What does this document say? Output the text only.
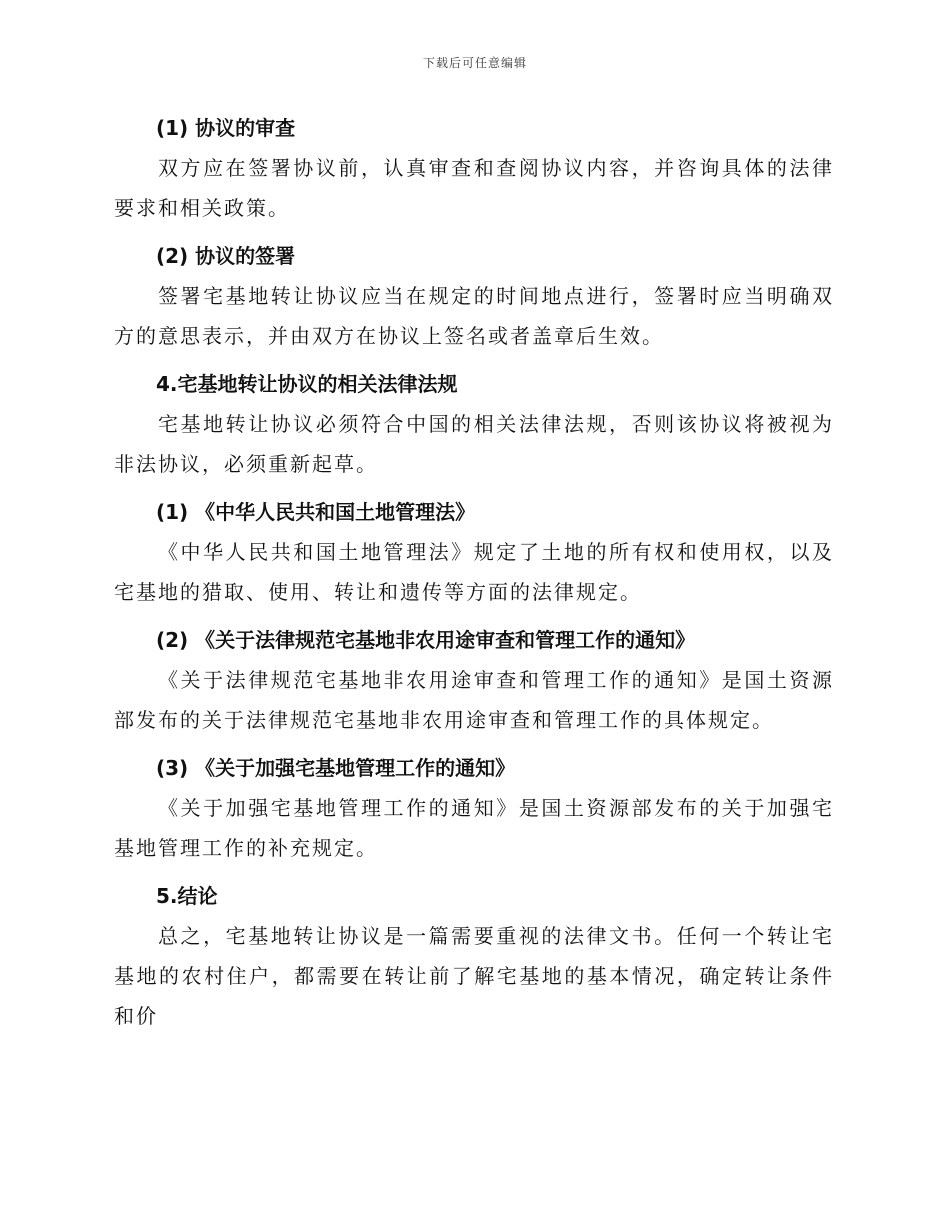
下载后可任意编辑
(1) 协议的审查

双方应在签署协议前，认真审查和查阅协议内容，并咨询具体的法律要求和相关政策。

(2) 协议的签署

签署宅基地转让协议应当在规定的时间地点进行，签署时应当明确双方的意思表示，并由双方在协议上签名或者盖章后生效。

4.宅基地转让协议的相关法律法规

宅基地转让协议必须符合中国的相关法律法规，否则该协议将被视为非法协议，必须重新起草。

(1) 《中华人民共和国土地管理法》

《中华人民共和国土地管理法》规定了土地的所有权和使用权，以及宅基地的猎取、使用、转让和遗传等方面的法律规定。

(2) 《关于法律规范宅基地非农用途审查和管理工作的通知》

《关于法律规范宅基地非农用途审查和管理工作的通知》是国土资源部发布的关于法律规范宅基地非农用途审查和管理工作的具体规定。

(3) 《关于加强宅基地管理工作的通知》

《关于加强宅基地管理工作的通知》是国土资源部发布的关于加强宅基地管理工作的补充规定。

5.结论

总之，宅基地转让协议是一篇需要重视的法律文书。任何一个转让宅基地的农村住户，都需要在转让前了解宅基地的基本情况，确定转让条件和价
